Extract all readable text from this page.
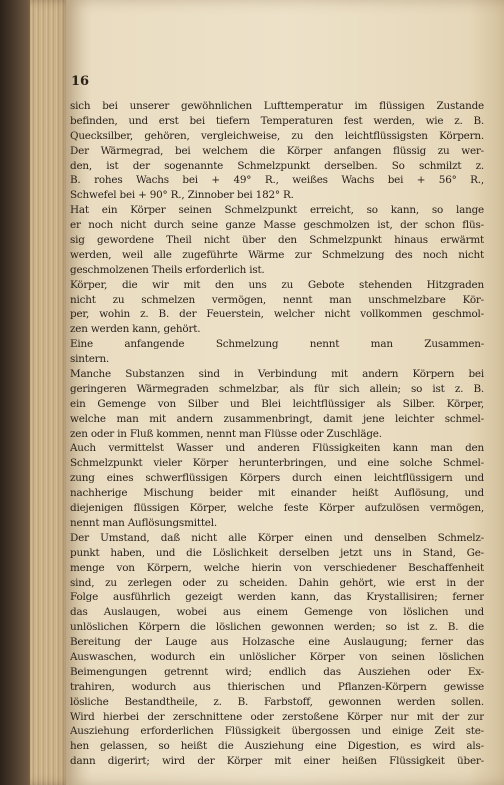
16
sich bei unserer gewöhnlichen Lufttemperatur im flüssigen Zustande
befinden, und erst bei tiefern Temperaturen fest werden, wie z. B.
Quecksilber, gehören, vergleichweise, zu den leichtflüssigsten Körpern.
Der Wärmegrad, bei welchem die Körper anfangen flüssig zu wer-
den, ist der sogenannte Schmelzpunkt derselben. So schmilzt z.
B. rohes Wachs bei + 49° R., weißes Wachs bei + 56° R.,
Schwefel bei + 90° R., Zinnober bei 182° R.
Hat ein Körper seinen Schmelzpunkt erreicht, so kann, so lange
er noch nicht durch seine ganze Masse geschmolzen ist, der schon flüs-
sig gewordene Theil nicht über den Schmelzpunkt hinaus erwärmt
werden, weil alle zugeführte Wärme zur Schmelzung des noch nicht
geschmolzenen Theils erforderlich ist.
Körper, die wir mit den uns zu Gebote stehenden Hitzgraden
nicht zu schmelzen vermögen, nennt man unschmelzbare Kör-
per, wohin z. B. der Feuerstein, welcher nicht vollkommen geschmol-
zen werden kann, gehört.
Eine anfangende Schmelzung nennt man Zusammen-
sintern.
Manche Substanzen sind in Verbindung mit andern Körpern bei
geringeren Wärmegraden schmelzbar, als für sich allein; so ist z. B.
ein Gemenge von Silber und Blei leichtflüssiger als Silber. Körper,
welche man mit andern zusammenbringt, damit jene leichter schmel-
zen oder in Fluß kommen, nennt man Flüsse oder Zuschläge.
Auch vermittelst Wasser und anderen Flüssigkeiten kann man den
Schmelzpunkt vieler Körper herunterbringen, und eine solche Schmel-
zung eines schwerflüssigen Körpers durch einen leichtflüssigern und
nachherige Mischung beider mit einander heißt Auflösung, und
diejenigen flüssigen Körper, welche feste Körper aufzulösen vermögen,
nennt man Auflösungsmittel.
Der Umstand, daß nicht alle Körper einen und denselben Schmelz-
punkt haben, und die Löslichkeit derselben jetzt uns in Stand, Ge-
menge von Körpern, welche hierin von verschiedener Beschaffenheit
sind, zu zerlegen oder zu scheiden. Dahin gehört, wie erst in der
Folge ausführlich gezeigt werden kann, das Krystallisiren; ferner
das Auslaugen, wobei aus einem Gemenge von löslichen und
unlöslichen Körpern die löslichen gewonnen werden; so ist z. B. die
Bereitung der Lauge aus Holzasche eine Auslaugung; ferner das
Auswaschen, wodurch ein unlöslicher Körper von seinen löslichen
Beimengungen getrennt wird; endlich das Ausziehen oder Ex-
trahiren, wodurch aus thierischen und Pflanzen-Körpern gewisse
lösliche Bestandtheile, z. B. Farbstoff, gewonnen werden sollen.
Wird hierbei der zerschnittene oder zerstoßene Körper nur mit der zur
Ausziehung erforderlichen Flüssigkeit übergossen und einige Zeit ste-
hen gelassen, so heißt die Ausziehung eine Digestion, es wird als-
dann digerirt; wird der Körper mit einer heißen Flüssigkeit über-
